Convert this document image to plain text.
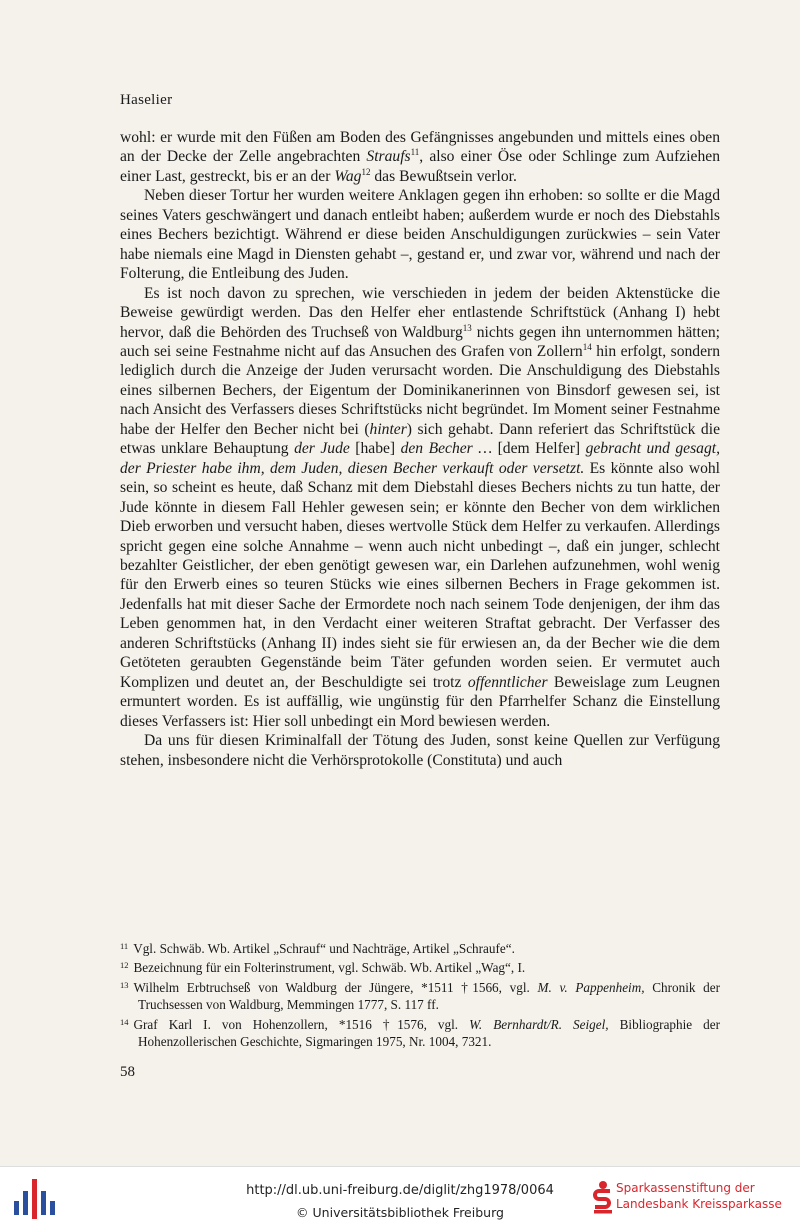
Haselier

wohl: er wurde mit den Füßen am Boden des Gefängnisses angebunden und mittels eines oben an der Decke der Zelle angebrachten Straufs$^{11}$, also einer Öse oder Schlinge zum Aufziehen einer Last, gestreckt, bis er an der Wag$^{12}$ das Bewußtsein verlor.

Neben dieser Tortur her wurden weitere Anklagen gegen ihn erhoben: so sollte er die Magd seines Vaters geschwängert und danach entleibt haben; außerdem wurde er noch des Diebstahls eines Bechers bezichtigt. Während er diese beiden Anschuldigungen zurückwies – sein Vater habe niemals eine Magd in Diensten gehabt –, gestand er, und zwar vor, während und nach der Folterung, die Entleibung des Juden.

Es ist noch davon zu sprechen, wie verschieden in jedem der beiden Aktenstücke die Beweise gewürdigt werden. Das den Helfer eher entlastende Schriftstück (Anhang I) hebt hervor, daß die Behörden des Truchseß von Waldburg$^{13}$ nichts gegen ihn unternommen hätten; auch sei seine Festnahme nicht auf das Ansuchen des Grafen von Zollern$^{14}$ hin erfolgt, sondern lediglich durch die Anzeige der Juden verursacht worden. Die Anschuldigung des Diebstahls eines silbernen Bechers, der Eigentum der Dominikanerinnen von Binsdorf gewesen sei, ist nach Ansicht des Verfassers dieses Schriftstücks nicht begründet. Im Moment seiner Festnahme habe der Helfer den Becher nicht bei (hinter) sich gehabt. Dann referiert das Schriftstück die etwas unklare Behauptung der Jude [habe] den Becher … [dem Helfer] gebracht und gesagt, der Priester habe ihm, dem Juden, diesen Becher verkauft oder versetzt. Es könnte also wohl sein, so scheint es heute, daß Schanz mit dem Diebstahl dieses Bechers nichts zu tun hatte, der Jude könnte in diesem Fall Hehler gewesen sein; er könnte den Becher von dem wirklichen Dieb erworben und versucht haben, dieses wertvolle Stück dem Helfer zu verkaufen. Allerdings spricht gegen eine solche Annahme – wenn auch nicht unbedingt –, daß ein junger, schlecht bezahlter Geistlicher, der eben genötigt gewesen war, ein Darlehen aufzunehmen, wohl wenig für den Erwerb eines so teuren Stücks wie eines silbernen Bechers in Frage gekommen ist. Jedenfalls hat mit dieser Sache der Ermordete noch nach seinem Tode denjenigen, der ihm das Leben genommen hat, in den Verdacht einer weiteren Straftat gebracht. Der Verfasser des anderen Schriftstücks (Anhang II) indes sieht sie für erwiesen an, da der Becher wie die dem Getöteten geraubten Gegenstände beim Täter gefunden worden seien. Er vermutet auch Komplizen und deutet an, der Beschuldigte sei trotz offenntlicher Beweislage zum Leugnen ermuntert worden. Es ist auffällig, wie ungünstig für den Pfarrhelfer Schanz die Einstellung dieses Verfassers ist: Hier soll unbedingt ein Mord bewiesen werden.

Da uns für diesen Kriminalfall der Tötung des Juden, sonst keine Quellen zur Verfügung stehen, insbesondere nicht die Verhörsprotokolle (Constituta) und auch

$^{11}$ Vgl. Schwäb. Wb. Artikel „Schrauf“ und Nachträge, Artikel „Schraufe“.

$^{12}$ Bezeichnung für ein Folterinstrument, vgl. Schwäb. Wb. Artikel „Wag“, I.

$^{13}$ Wilhelm Erbtruchseß von Waldburg der Jüngere, *1511 †1566, vgl. M. v. Pappenheim, Chronik der Truchsessen von Waldburg, Memmingen 1777, S. 117 ff.

$^{14}$ Graf Karl I. von Hohenzollern, *1516 †1576, vgl. W. Bernhardt/R. Seigel, Bibliographie der Hohenzollerischen Geschichte, Sigmaringen 1975, Nr. 1004, 7321.

58
http://dl.ub.uni-freiburg.de/diglit/zhg1978/0064
© Universitätsbibliothek Freiburg
Sparkassenstiftung der
Landesbank Kreissparkasse
